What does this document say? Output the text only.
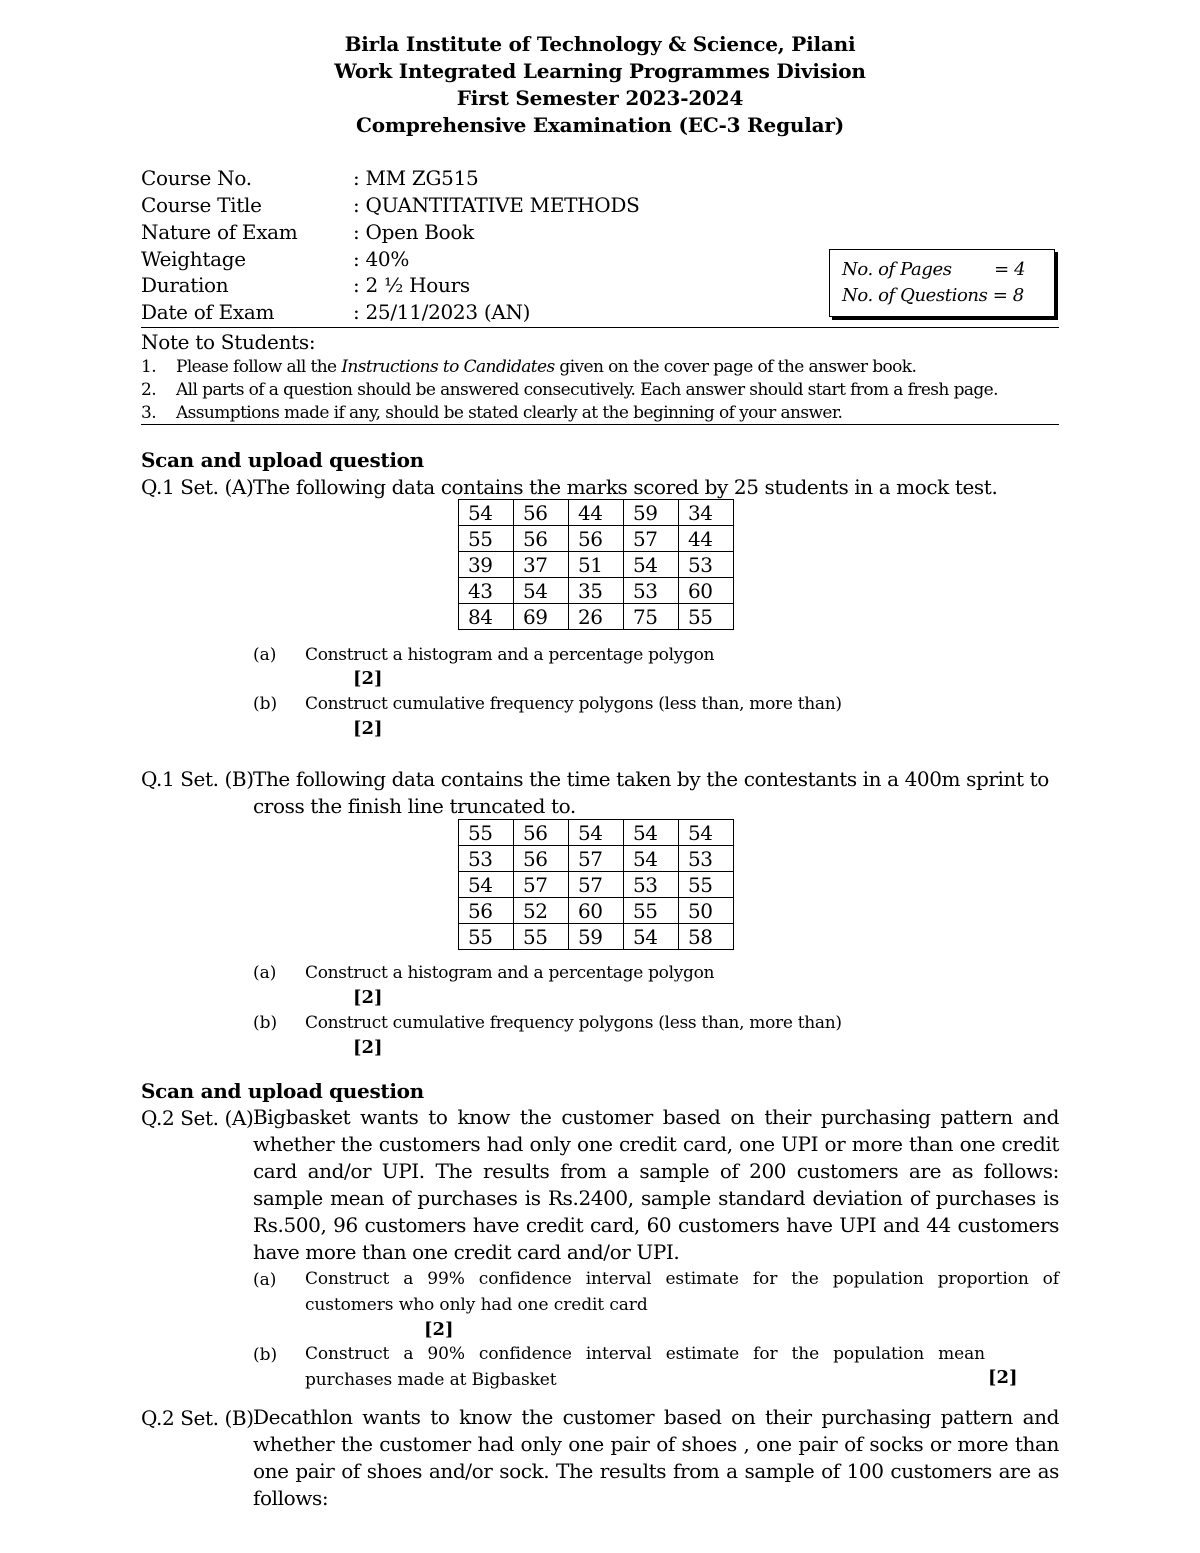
Birla Institute of Technology & Science, Pilani
Work Integrated Learning Programmes Division
First Semester 2023-2024
Comprehensive Examination (EC-3 Regular)
Course No.	: MM ZG515
Course Title	: QUANTITATIVE METHODS
Nature of Exam	: Open Book
Weightage	: 40%
Duration	: 2 ½ Hours
Date of Exam	: 25/11/2023 (AN)
No. of Pages        = 4
No. of Questions = 8
Note to Students:
1. Please follow all the Instructions to Candidates given on the cover page of the answer book.
2. All parts of a question should be answered consecutively. Each answer should start from a fresh page.
3. Assumptions made if any, should be stated clearly at the beginning of your answer.
Scan and upload question
Q.1 Set. (A) The following data contains the marks scored by 25 students in a mock test.
54	56	44	59	34
55	56	56	57	44
39	37	51	54	53
43	54	35	53	60
84	69	26	75	55
(a) Construct a histogram and a percentage polygon
[2]
(b) Construct cumulative frequency polygons (less than, more than)
[2]
Q.1 Set. (B) The following data contains the time taken by the contestants in a 400m sprint to
cross the finish line truncated to.
55	56	54	54	54
53	56	57	54	53
54	57	57	53	55
56	52	60	55	50
55	55	59	54	58
(a) Construct a histogram and a percentage polygon
[2]
(b) Construct cumulative frequency polygons (less than, more than)
[2]
Scan and upload question
Q.2 Set. (A) Bigbasket wants to know the customer based on their purchasing pattern and whether the customers had only one credit card, one UPI or more than one credit card and/or UPI. The results from a sample of 200 customers are as follows: sample mean of purchases is Rs.2400, sample standard deviation of purchases is Rs.500, 96 customers have credit card, 60 customers have UPI and 44 customers have more than one credit card and/or UPI.
(a) Construct a 99% confidence interval estimate for the population proportion of customers who only had one credit card
[2]
(b) Construct a 90% confidence interval estimate for the population mean purchases made at Bigbasket	[2]
Q.2 Set. (B) Decathlon wants to know the customer based on their purchasing pattern and whether the customer had only one pair of shoes , one pair of socks or more than one pair of shoes and/or sock. The results from a sample of 100 customers are as follows:
